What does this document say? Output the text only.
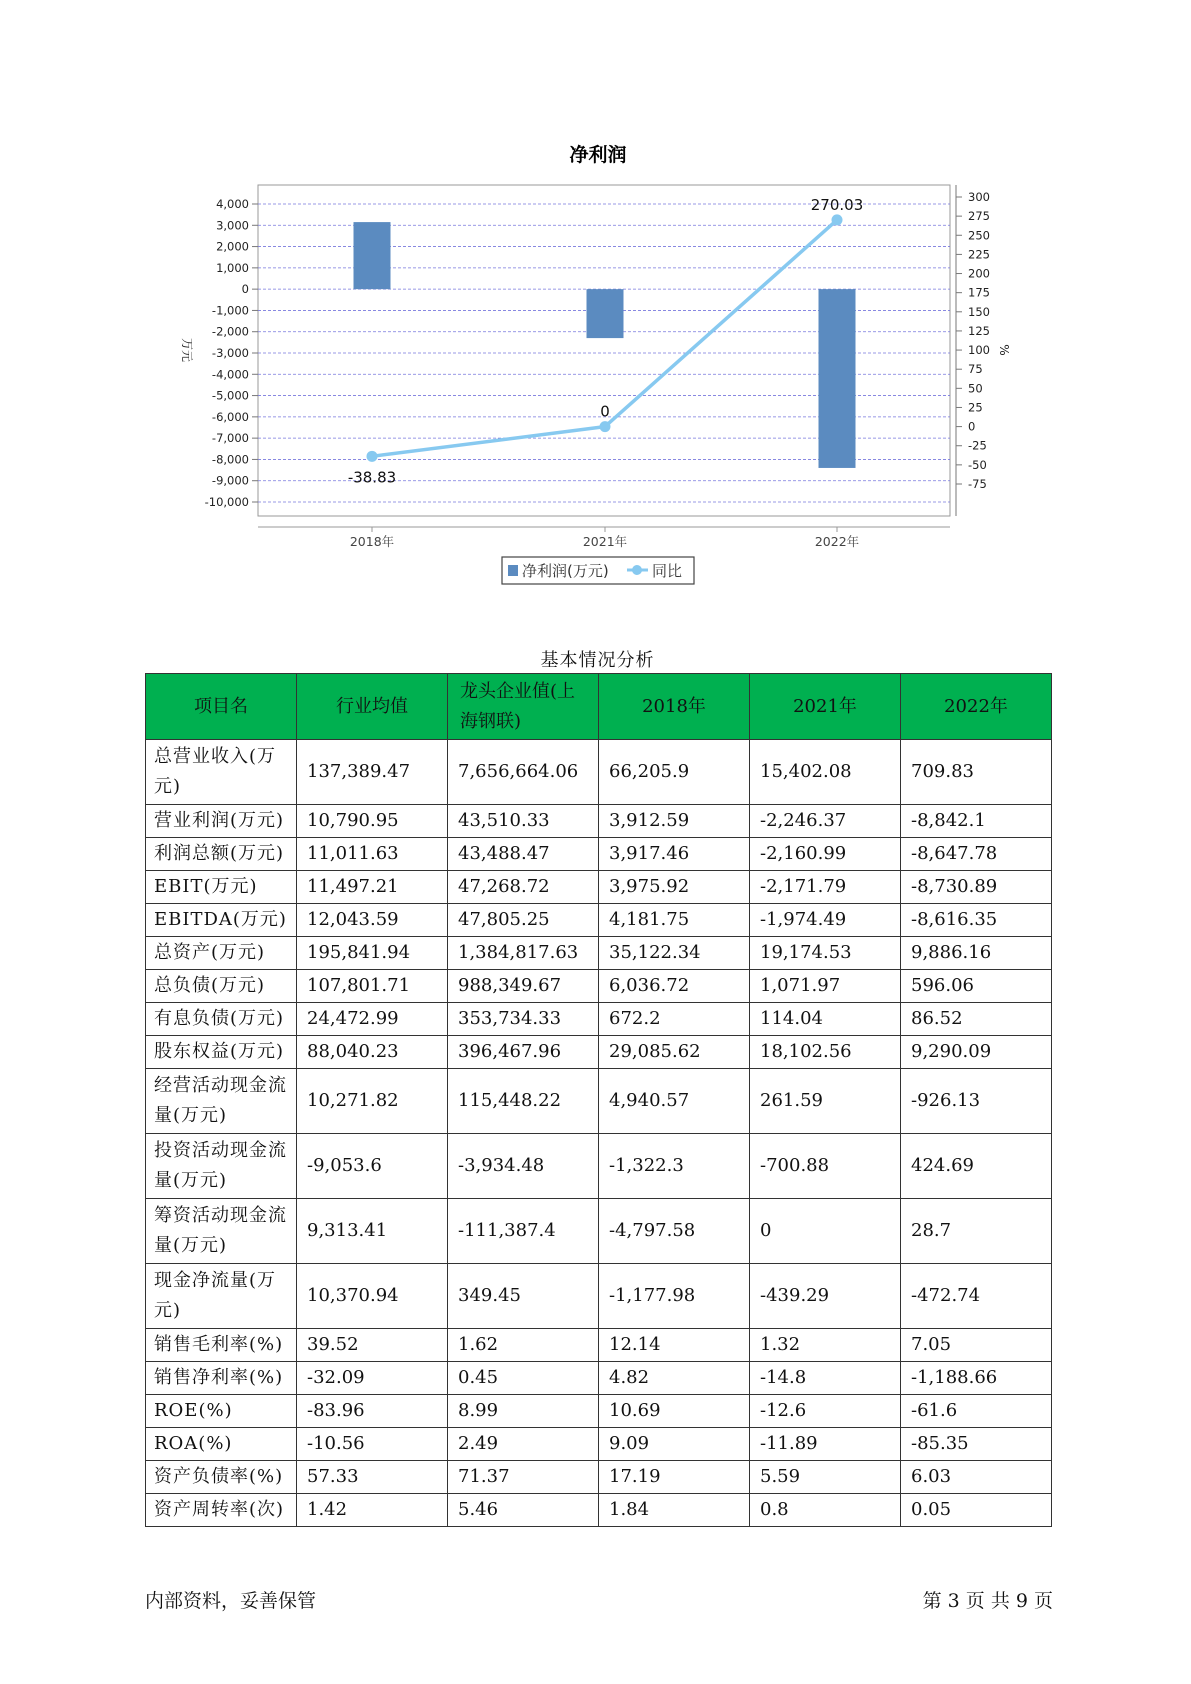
净利润
4,000
3,000
2,000
1,000
0
-1,000
-2,000
-3,000
-4,000
-5,000
-6,000
-7,000
-8,000
-9,000
-10,000
300
275
250
225
200
175
150
125
100
75
50
25
0
-25
-50
-75
-38.83
0
270.03
2018年	2021年	2022年
万元	%
净利润(万元)	同比
基本情况分析
项目名	行业均值	龙头企业值(上海钢联)	2018年	2021年	2022年
总营业收入(万元)	137,389.47	7,656,664.06	66,205.9	15,402.08	709.83
营业利润(万元)	10,790.95	43,510.33	3,912.59	-2,246.37	-8,842.1
利润总额(万元)	11,011.63	43,488.47	3,917.46	-2,160.99	-8,647.78
EBIT(万元)	11,497.21	47,268.72	3,975.92	-2,171.79	-8,730.89
EBITDA(万元)	12,043.59	47,805.25	4,181.75	-1,974.49	-8,616.35
总资产(万元)	195,841.94	1,384,817.63	35,122.34	19,174.53	9,886.16
总负债(万元)	107,801.71	988,349.67	6,036.72	1,071.97	596.06
有息负债(万元)	24,472.99	353,734.33	672.2	114.04	86.52
股东权益(万元)	88,040.23	396,467.96	29,085.62	18,102.56	9,290.09
经营活动现金流量(万元)	10,271.82	115,448.22	4,940.57	261.59	-926.13
投资活动现金流量(万元)	-9,053.6	-3,934.48	-1,322.3	-700.88	424.69
筹资活动现金流量(万元)	9,313.41	-111,387.4	-4,797.58	0	28.7
现金净流量(万元)	10,370.94	349.45	-1,177.98	-439.29	-472.74
销售毛利率(%)	39.52	1.62	12.14	1.32	7.05
销售净利率(%)	-32.09	0.45	4.82	-14.8	-1,188.66
ROE(%)	-83.96	8.99	10.69	-12.6	-61.6
ROA(%)	-10.56	2.49	9.09	-11.89	-85.35
资产负债率(%)	57.33	71.37	17.19	5.59	6.03
资产周转率(次)	1.42	5.46	1.84	0.8	0.05
内部资料，妥善保管	第 3 页 共 9 页
